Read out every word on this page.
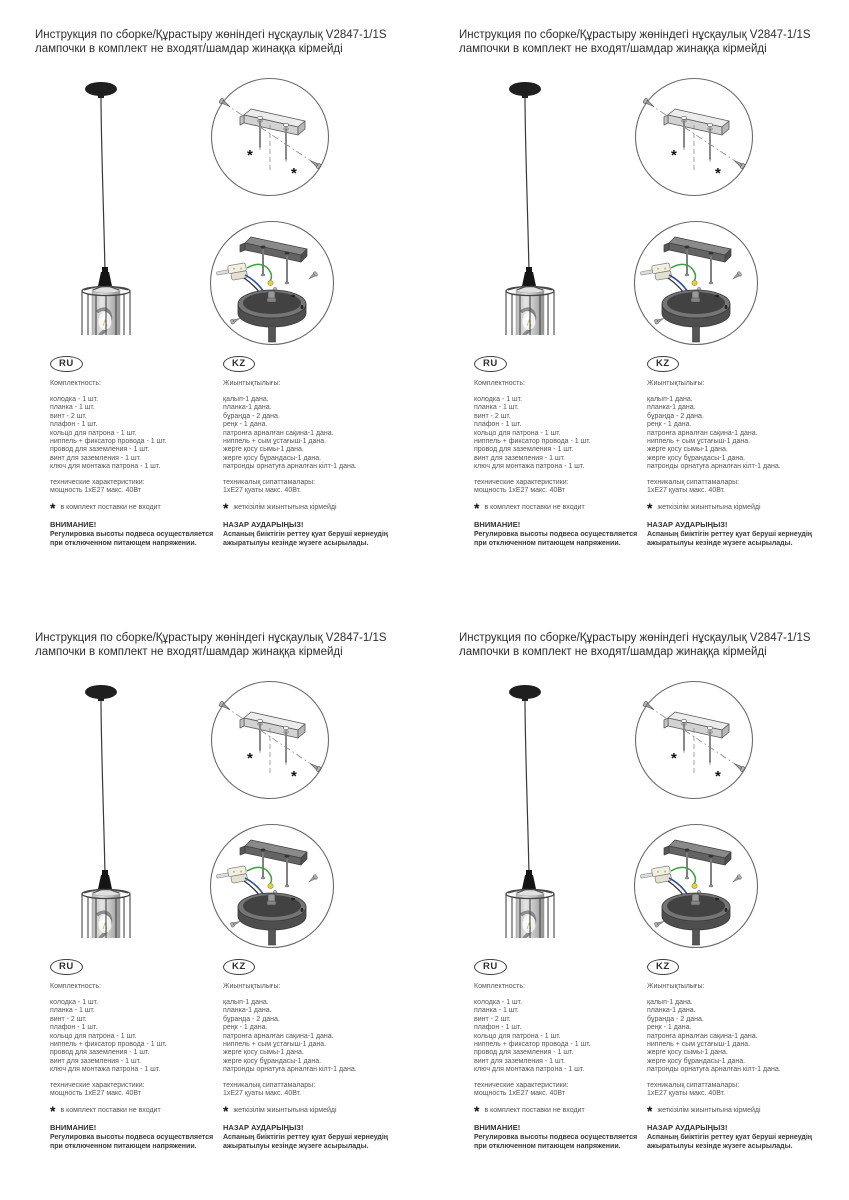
Инструкция по сборке/Құрастыру жөніндегі нұсқаулық V2847-1/1S
лампочки в комплект не входят/шамдар жинаққа кірмейді
*
*
RU
Комплектность:
колодка - 1 шт.
планка - 1 шт.
винт - 2 шт.
плафон - 1 шт.
кольцо для патрона - 1 шт.
ниппель + фиксатор провода - 1 шт.
провод для заземления - 1 шт.
винт для заземления - 1 шт.
ключ для монтажа патрона - 1 шт.
технические характеристики:
мощность 1хЕ27 макс. 40Вт
* в комплект поставки не входит
ВНИМАНИЕ!
Регулировка высоты подвеса осуществляется при отключенном питающем напряжении.
KZ
Жиынтықтылығы:
қалып-1 дана.
планка-1 дана.
бұранда - 2 дана.
реңк - 1 дана.
патронға арналған сақина-1 дана.
ниппель + сым ұстағыш-1 дана.
жерге қосу сымы-1 дана.
жерге қосу бұрандасы-1 дана.
патронды орнатуға арналған кілт-1 дана.
техникалық сипаттамалары:
1хЕ27 қуаты макс. 40Вт.
* жеткізілім жиынтығына кірмейді
НАЗАР АУДАРЫҢЫЗ!
Аспаның биіктігін реттеу қуат беруші кернеудің ажыратылуы кезінде жүзеге асырылады.
Инструкция по сборке/Құрастыру жөніндегі нұсқаулық V2847-1/1S
лампочки в комплект не входят/шамдар жинаққа кірмейді
*
*
RU
Комплектность:
колодка - 1 шт.
планка - 1 шт.
винт - 2 шт.
плафон - 1 шт.
кольцо для патрона - 1 шт.
ниппель + фиксатор провода - 1 шт.
провод для заземления - 1 шт.
винт для заземления - 1 шт.
ключ для монтажа патрона - 1 шт.
технические характеристики:
мощность 1хЕ27 макс. 40Вт
* в комплект поставки не входит
ВНИМАНИЕ!
Регулировка высоты подвеса осуществляется при отключенном питающем напряжении.
KZ
Жиынтықтылығы:
қалып-1 дана.
планка-1 дана.
бұранда - 2 дана.
реңк - 1 дана.
патронға арналған сақина-1 дана.
ниппель + сым ұстағыш-1 дана.
жерге қосу сымы-1 дана.
жерге қосу бұрандасы-1 дана.
патронды орнатуға арналған кілт-1 дана.
техникалық сипаттамалары:
1хЕ27 қуаты макс. 40Вт.
* жеткізілім жиынтығына кірмейді
НАЗАР АУДАРЫҢЫЗ!
Аспаның биіктігін реттеу қуат беруші кернеудің ажыратылуы кезінде жүзеге асырылады.
Инструкция по сборке/Құрастыру жөніндегі нұсқаулық V2847-1/1S
лампочки в комплект не входят/шамдар жинаққа кірмейді
*
*
RU
Комплектность:
колодка - 1 шт.
планка - 1 шт.
винт - 2 шт.
плафон - 1 шт.
кольцо для патрона - 1 шт.
ниппель + фиксатор провода - 1 шт.
провод для заземления - 1 шт.
винт для заземления - 1 шт.
ключ для монтажа патрона - 1 шт.
технические характеристики:
мощность 1хЕ27 макс. 40Вт
* в комплект поставки не входит
ВНИМАНИЕ!
Регулировка высоты подвеса осуществляется при отключенном питающем напряжении.
KZ
Жиынтықтылығы:
қалып-1 дана.
планка-1 дана.
бұранда - 2 дана.
реңк - 1 дана.
патронға арналған сақина-1 дана.
ниппель + сым ұстағыш-1 дана.
жерге қосу сымы-1 дана.
жерге қосу бұрандасы-1 дана.
патронды орнатуға арналған кілт-1 дана.
техникалық сипаттамалары:
1хЕ27 қуаты макс. 40Вт.
* жеткізілім жиынтығына кірмейді
НАЗАР АУДАРЫҢЫЗ!
Аспаның биіктігін реттеу қуат беруші кернеудің ажыратылуы кезінде жүзеге асырылады.
Инструкция по сборке/Құрастыру жөніндегі нұсқаулық V2847-1/1S
лампочки в комплект не входят/шамдар жинаққа кірмейді
*
*
RU
Комплектность:
колодка - 1 шт.
планка - 1 шт.
винт - 2 шт.
плафон - 1 шт.
кольцо для патрона - 1 шт.
ниппель + фиксатор провода - 1 шт.
провод для заземления - 1 шт.
винт для заземления - 1 шт.
ключ для монтажа патрона - 1 шт.
технические характеристики:
мощность 1хЕ27 макс. 40Вт
* в комплект поставки не входит
ВНИМАНИЕ!
Регулировка высоты подвеса осуществляется при отключенном питающем напряжении.
KZ
Жиынтықтылығы:
қалып-1 дана.
планка-1 дана.
бұранда - 2 дана.
реңк - 1 дана.
патронға арналған сақина-1 дана.
ниппель + сым ұстағыш-1 дана.
жерге қосу сымы-1 дана.
жерге қосу бұрандасы-1 дана.
патронды орнатуға арналған кілт-1 дана.
техникалық сипаттамалары:
1хЕ27 қуаты макс. 40Вт.
* жеткізілім жиынтығына кірмейді
НАЗАР АУДАРЫҢЫЗ!
Аспаның биіктігін реттеу қуат беруші кернеудің ажыратылуы кезінде жүзеге асырылады.
